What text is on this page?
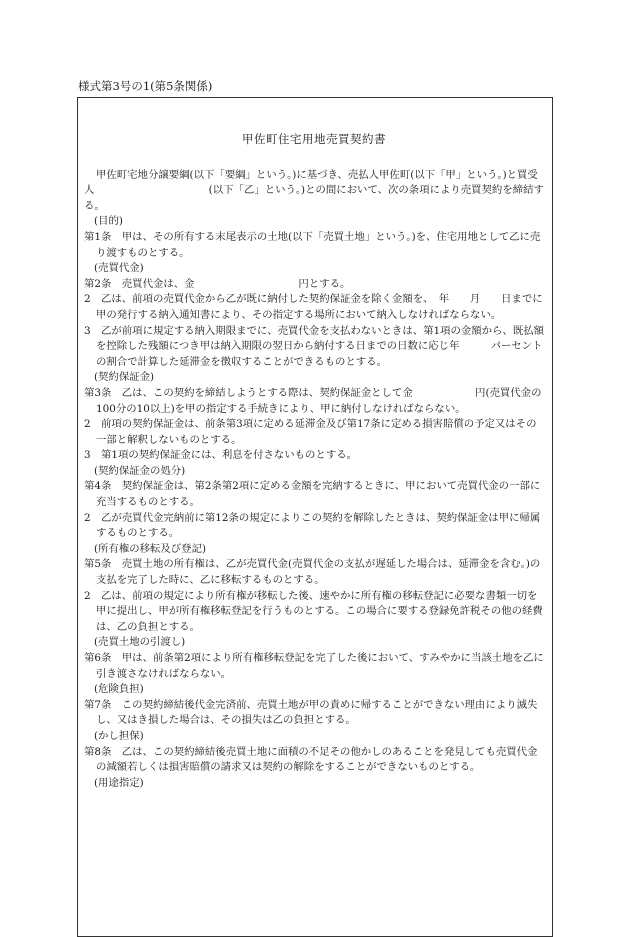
様式第3号の1(第5条関係)
甲佐町住宅用地売買契約書

甲佐町宅地分譲要綱(以下「要綱」という。)に基づき、売払人甲佐町(以下「甲」という。)と買受人　　　　　　　　　　　(以下「乙」という。)との間において、次の条項により売買契約を締結する。

(目的)

第1条　甲は、その所有する末尾表示の土地(以下「売買土地」という。)を、住宅用地として乙に売り渡すものとする。

(売買代金)

第2条　売買代金は、金　　　　　　　　　　円とする。

2　乙は、前項の売買代金から乙が既に納付した契約保証金を除く金額を、　年　　月　　日までに甲の発行する納入通知書により、その指定する場所において納入しなければならない。

3　乙が前項に規定する納入期限までに、売買代金を支払わないときは、第1項の金額から、既払額を控除した残額につき甲は納入期限の翌日から納付する日までの日数に応じ年　　　パーセントの割合で計算した延滞金を徴収することができるものとする。

(契約保証金)

第3条　乙は、この契約を締結しようとする際は、契約保証金として金　　　　　　円(売買代金の100分の10以上)を甲の指定する手続きにより、甲に納付しなければならない。

2　前項の契約保証金は、前条第3項に定める延滞金及び第17条に定める損害賠償の予定又はその一部と解釈しないものとする。

3　第1項の契約保証金には、利息を付さないものとする。

(契約保証金の処分)

第4条　契約保証金は、第2条第2項に定める金額を完納するときに、甲において売買代金の一部に充当するものとする。

2　乙が売買代金完納前に第12条の規定によりこの契約を解除したときは、契約保証金は甲に帰属するものとする。

(所有権の移転及び登記)

第5条　売買土地の所有権は、乙が売買代金(売買代金の支払が遅延した場合は、延滞金を含む。)の支払を完了した時に、乙に移転するものとする。

2　乙は、前項の規定により所有権が移転した後、速やかに所有権の移転登記に必要な書類一切を甲に提出し、甲が所有権移転登記を行うものとする。この場合に要する登録免許税その他の経費は、乙の負担とする。

(売買土地の引渡し)

第6条　甲は、前条第2項により所有権移転登記を完了した後において、すみやかに当該土地を乙に引き渡さなければならない。

(危険負担)

第7条　この契約締結後代金完済前、売買土地が甲の責めに帰することができない理由により滅失し、又はき損した場合は、その損失は乙の負担とする。

(かし担保)

第8条　乙は、この契約締結後売買土地に面積の不足その他かしのあることを発見しても売買代金の減額若しくは損害賠償の請求又は契約の解除をすることができないものとする。

(用途指定)
